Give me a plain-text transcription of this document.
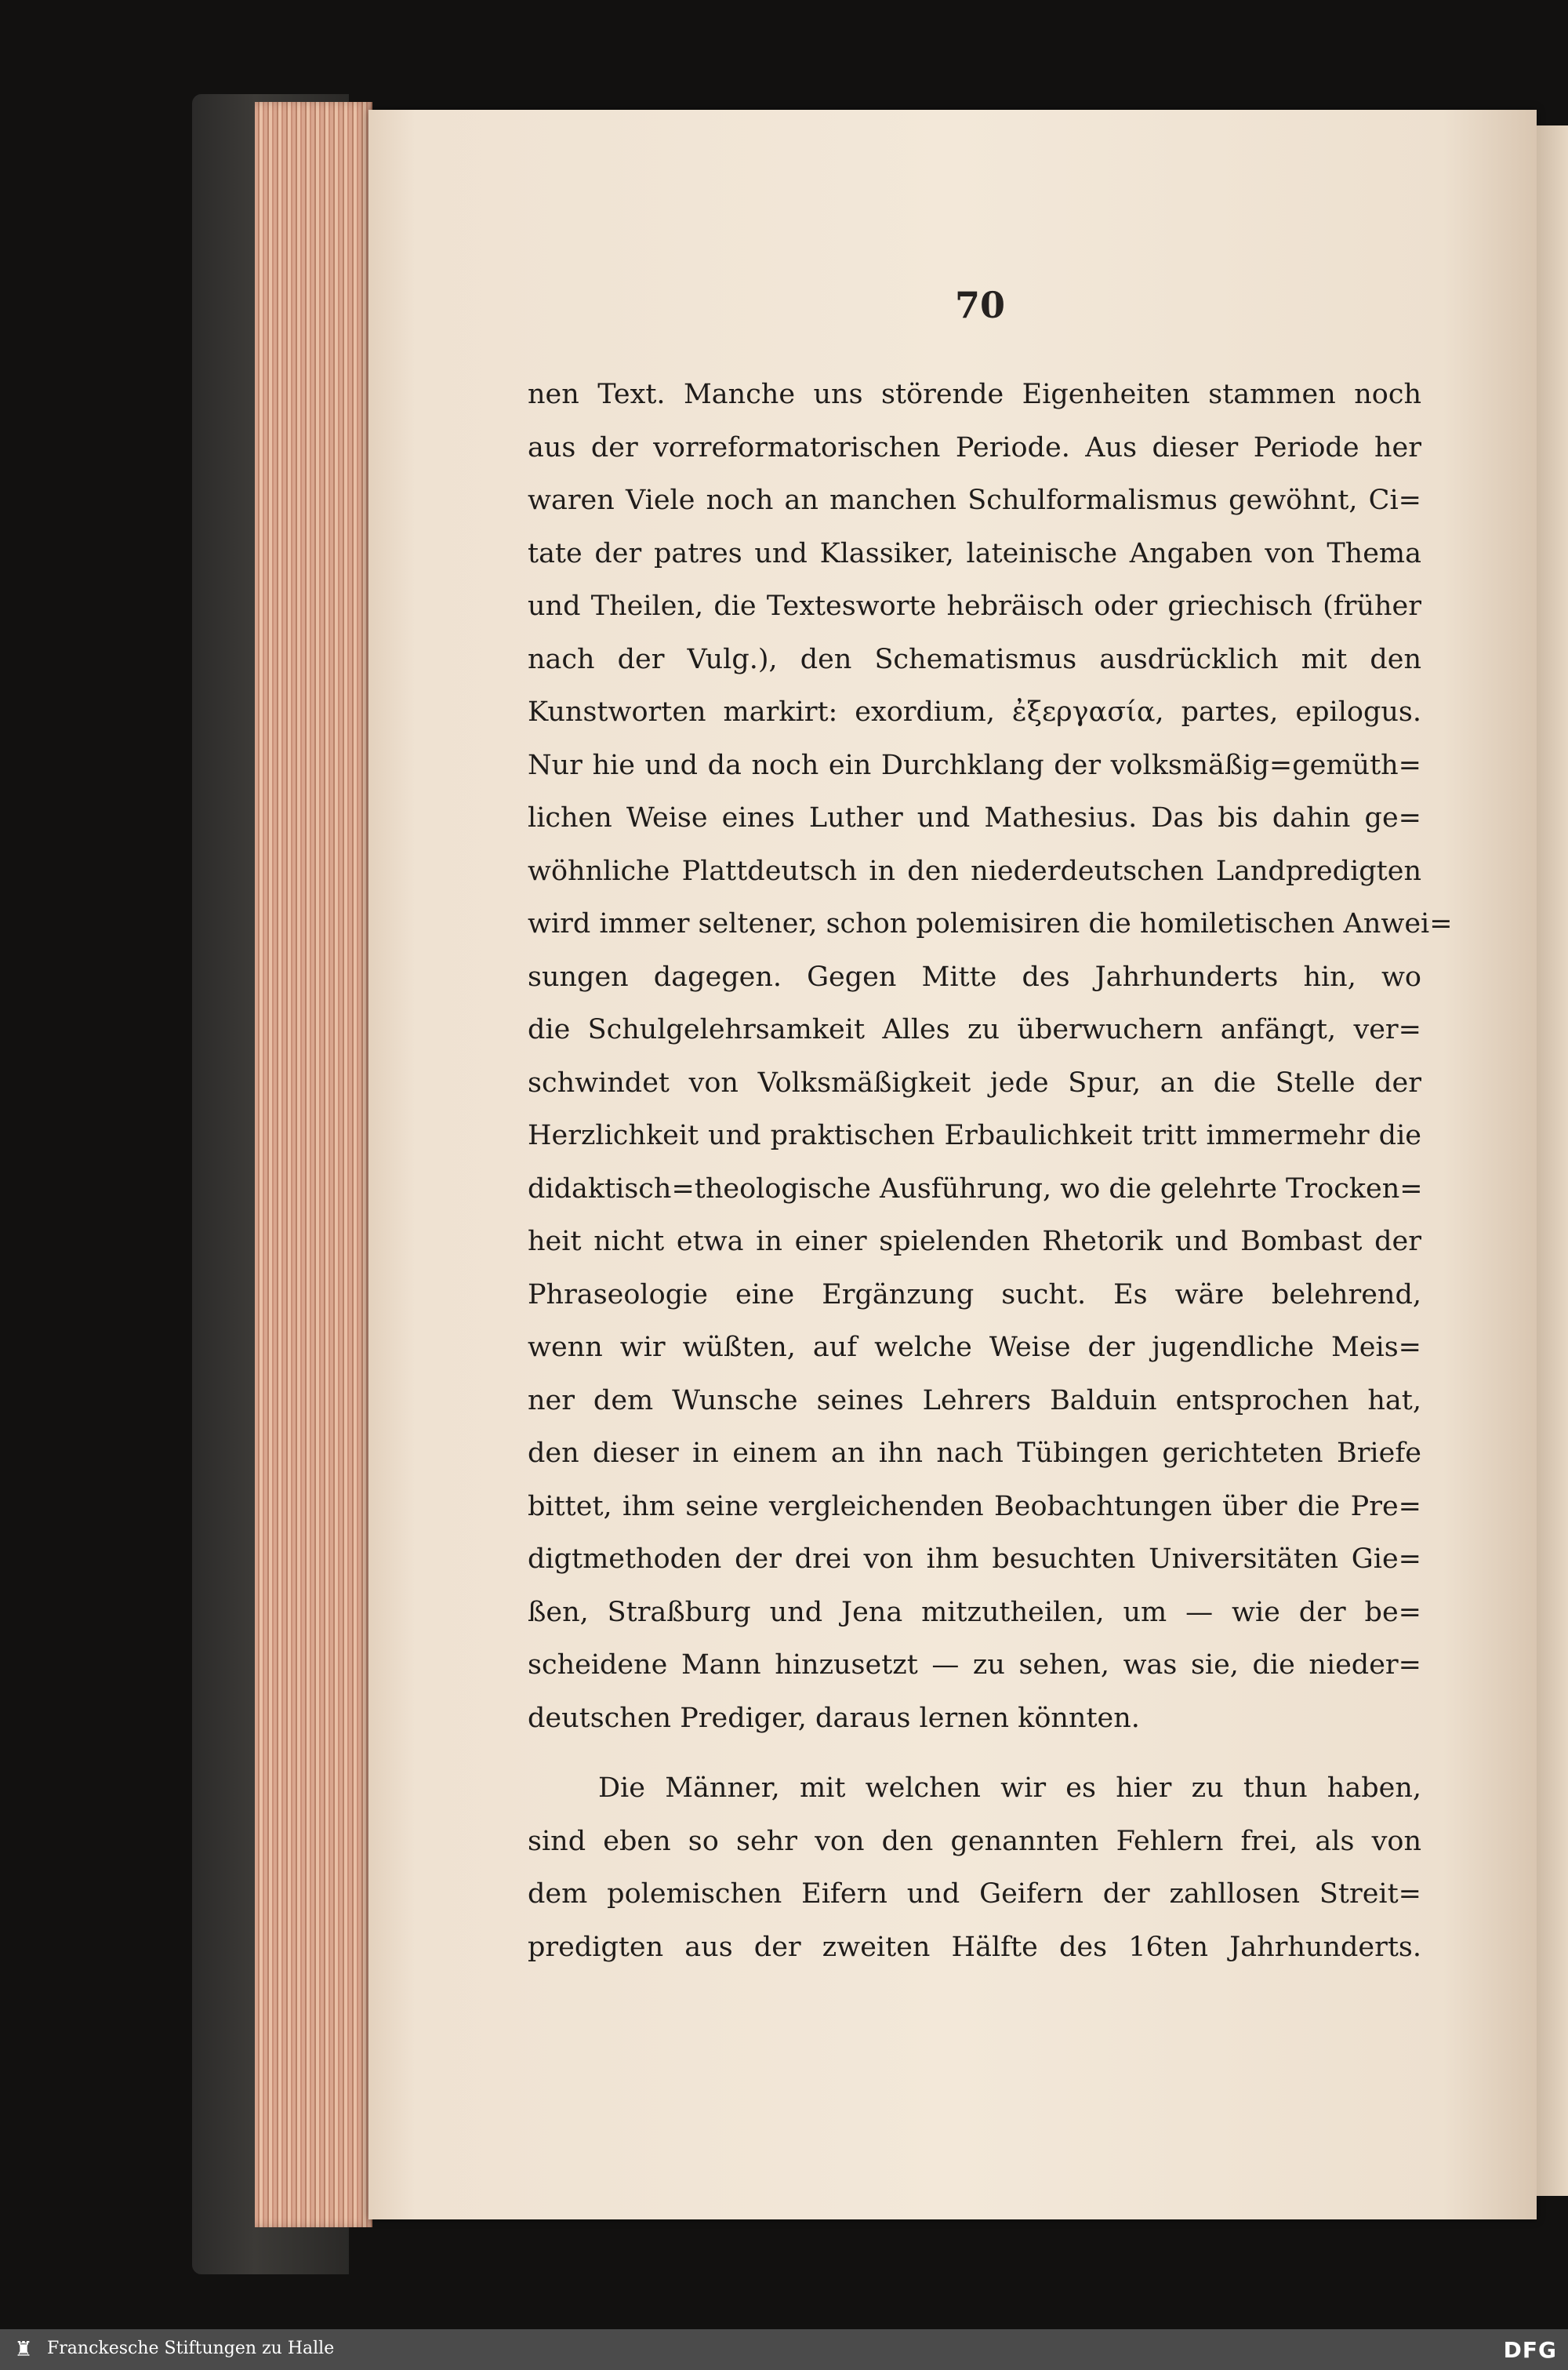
70
nen Text. Manche uns störende Eigenheiten stammen noch
aus der vorreformatorischen Periode. Aus dieser Periode her
waren Viele noch an manchen Schulformalismus gewöhnt, Ci=
tate der patres und Klassiker, lateinische Angaben von Thema
und Theilen, die Textesworte hebräisch oder griechisch (früher
nach der Vulg.), den Schematismus ausdrücklich mit den
Kunstworten markirt: exordium, ἐξεργασία, partes, epilogus.
Nur hie und da noch ein Durchklang der volksmäßig=gemüth=
lichen Weise eines Luther und Mathesius. Das bis dahin ge=
wöhnliche Plattdeutsch in den niederdeutschen Landpredigten
wird immer seltener, schon polemisiren die homiletischen Anwei=
sungen dagegen. Gegen Mitte des Jahrhunderts hin, wo
die Schulgelehrsamkeit Alles zu überwuchern anfängt, ver=
schwindet von Volksmäßigkeit jede Spur, an die Stelle der
Herzlichkeit und praktischen Erbaulichkeit tritt immermehr die
didaktisch=theologische Ausführung, wo die gelehrte Trocken=
heit nicht etwa in einer spielenden Rhetorik und Bombast der
Phraseologie eine Ergänzung sucht. Es wäre belehrend,
wenn wir wüßten, auf welche Weise der jugendliche Meis=
ner dem Wunsche seines Lehrers Balduin entsprochen hat,
den dieser in einem an ihn nach Tübingen gerichteten Briefe
bittet, ihm seine vergleichenden Beobachtungen über die Pre=
digtmethoden der drei von ihm besuchten Universitäten Gie=
ßen, Straßburg und Jena mitzutheilen, um — wie der be=
scheidene Mann hinzusetzt — zu sehen, was sie, die nieder=
deutschen Prediger, daraus lernen könnten.
Die Männer, mit welchen wir es hier zu thun haben,
sind eben so sehr von den genannten Fehlern frei, als von
dem polemischen Eifern und Geifern der zahllosen Streit=
predigten aus der zweiten Hälfte des 16ten Jahrhunderts.
♜ Franckesche Stiftungen zu Halle	DFG
